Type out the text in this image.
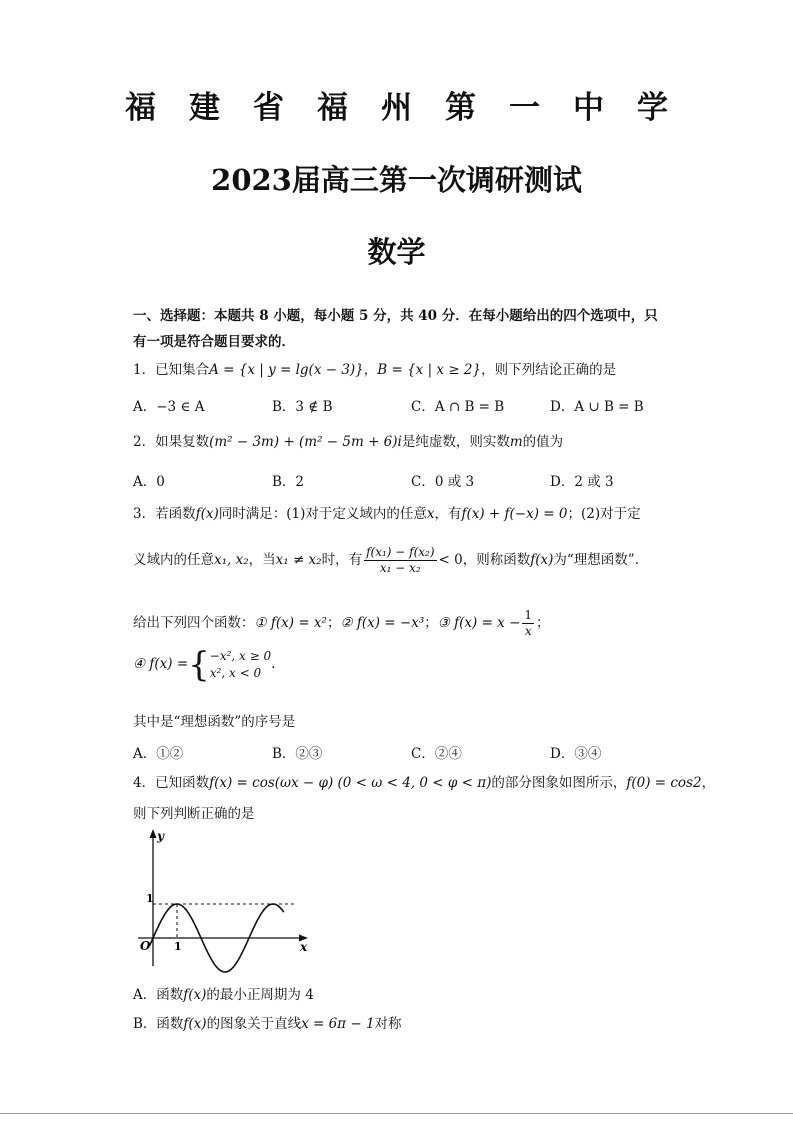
福建省福州第一中学
2023届高三第一次调研测试
数学
一、选择题：本题共 8 小题，每小题 5 分，共 40 分．在每小题给出的四个选项中，只
有一项是符合题目要求的．
1．已知集合A = {x | y = lg(x − 3)}，B = {x | x ≥ 2}，则下列结论正确的是
A．−3 ∈ A	B．3 ∉ B	C．A ∩ B = B	D．A ∪ B = B
2．如果复数(m² − 3m) + (m² − 5m + 6)i是纯虚数，则实数m的值为
A．0	B．2	C．0 或 3	D．2 或 3
3．若函数f(x)同时满足：(1)对于定义域内的任意x，有f(x) + f(−x) = 0；(2)对于定
义域内的任意x₁, x₂，当x₁ ≠ x₂时，有 $\frac{\text{f(x₁) − f(x₂)}}{\text{x₁ − x₂}} < 0$，则称函数f(x)为“理想函数”.
给出下列四个函数：① f(x) = x²；② f(x) = −x³；③ $f(x) = x - \frac{1}{x}$ ；
④ f(x) ={ −x², x ≥ 0
x², x < 0
.
其中是“理想函数”的序号是
A．①②	B．②③	C．②④	D．③④
4．已知函数f(x) = cos(ωx − φ) (0 < ω < 4, 0 < φ < π)的部分图象如图所示，f(0) = cos2，
则下列判断正确的是
y
x
O
1
1
A．函数f(x)的最小正周期为 4
B．函数f(x)的图象关于直线x = 6π − 1对称
